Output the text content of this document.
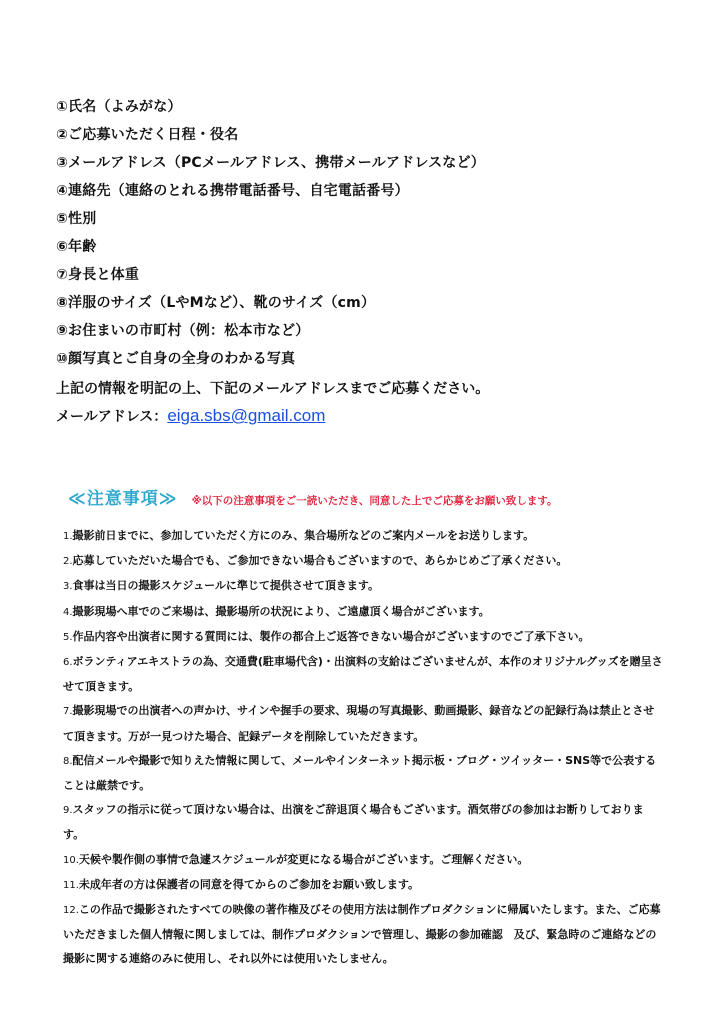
①氏名（よみがな）
②ご応募いただく日程・役名
③メールアドレス（PCメールアドレス、携帯メールアドレスなど）
④連絡先（連絡のとれる携帯電話番号、自宅電話番号）
⑤性別
⑥年齢
⑦身長と体重
⑧洋服のサイズ（LやMなど）、靴のサイズ（cm）
⑨お住まいの市町村（例：松本市など）
⑩顔写真とご自身の全身のわかる写真
上記の情報を明記の上、下記のメールアドレスまでご応募ください。
メールアドレス：eiga.sbs@gmail.com
≪注意事項≫ ※以下の注意事項をご一読いただき、同意した上でご応募をお願い致します。
1.撮影前日までに、参加していただく方にのみ、集合場所などのご案内メールをお送りします。
2.応募していただいた場合でも、ご参加できない場合もございますので、あらかじめご了承ください。
3.食事は当日の撮影スケジュールに準じて提供させて頂きます。
4.撮影現場へ車でのご来場は、撮影場所の状況により、ご遠慮頂く場合がございます。
5.作品内容や出演者に関する質問には、製作の都合上ご返答できない場合がございますのでご了承下さい。
6.ボランティアエキストラの為、交通費(駐車場代含)・出演料の支給はございませんが、本作のオリジナルグッズを贈呈させて頂きます。
7.撮影現場での出演者への声かけ、サインや握手の要求、現場の写真撮影、動画撮影、録音などの記録行為は禁止とさせて頂きます。万が一見つけた場合、記録データを削除していただきます。
8.配信メールや撮影で知りえた情報に関して、メールやインターネット掲示板・ブログ・ツイッター・SNS等で公表することは厳禁です。
9.スタッフの指示に従って頂けない場合は、出演をご辞退頂く場合もございます。酒気帯びの参加はお断りしております。
10.天候や製作側の事情で急遽スケジュールが変更になる場合がございます。ご理解ください。
11.未成年者の方は保護者の同意を得てからのご参加をお願い致します。
12.この作品で撮影されたすべての映像の著作権及びその使用方法は制作プロダクションに帰属いたします。また、ご応募いただきました個人情報に関しましては、制作プロダクションで管理し、撮影の参加確認　及び、緊急時のご連絡などの撮影に関する連絡のみに使用し、それ以外には使用いたしません。
